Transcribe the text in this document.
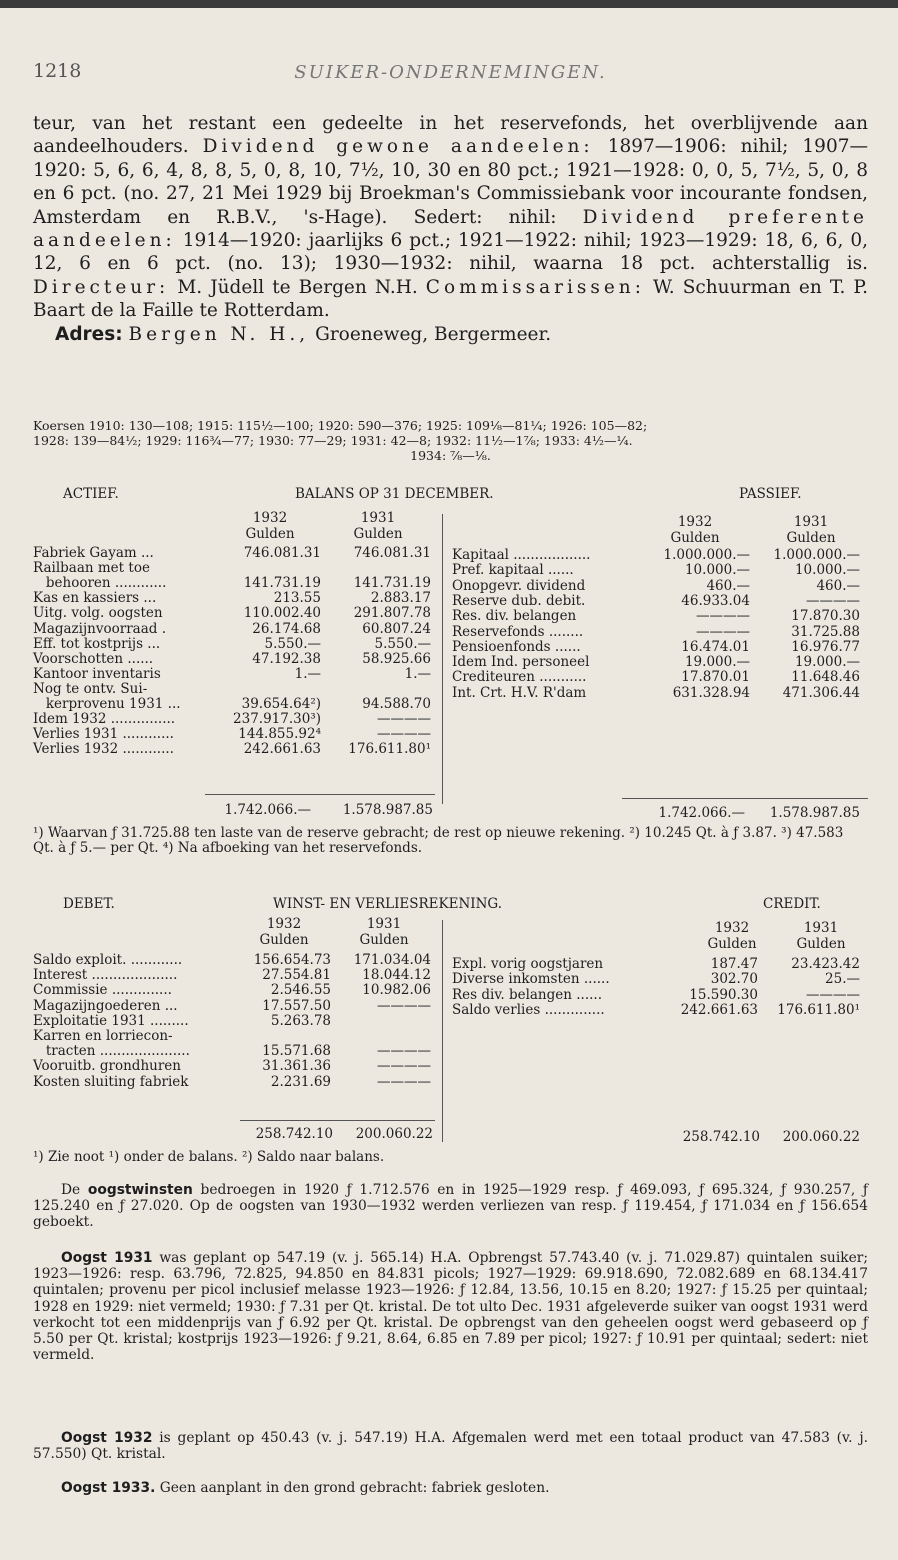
1218	SUIKER-ONDERNEMINGEN.

teur, van het restant een gedeelte in het reservefonds, het overblijvende aan aandeelhouders. Dividend gewone aandeelen: 1897—1906: nihil; 1907—1920: 5, 6, 6, 4, 8, 8, 5, 0, 8, 10, 7½, 10, 30 en 80 pct.; 1921—1928: 0, 0, 5, 7½, 5, 0, 8 en 6 pct. (no. 27, 21 Mei 1929 bij Broekman's Commissiebank voor incourante fondsen, Amsterdam en R.B.V., 's-Hage). Sedert: nihil: Dividend preferente aandeelen: 1914—1920: jaarlijks 6 pct.; 1921—1922: nihil; 1923—1929: 18, 6, 6, 0, 12, 6 en 6 pct. (no. 13); 1930—1932: nihil, waarna 18 pct. achterstallig is. Directeur: M. Jüdell te Bergen N.H. Commissarissen: W. Schuurman en T. P. Baart de la Faille te Rotterdam.
Adres: Bergen N. H., Groeneweg, Bergermeer.

Koersen 1910: 130—108; 1915: 115½—100; 1920: 590—376; 1925: 109⅛—81¼; 1926: 105—82;
1928: 139—84½; 1929: 116¾—77; 1930: 77—29; 1931: 42—8; 1932: 11½—1⅞; 1933: 4½—¼.
1934: ⅞—⅛.
ACTIEF.	BALANS OP 31 DECEMBER.	PASSIEF.
1932
Gulden
1931
Gulden
1932
Gulden
1931
Gulden
Fabriek Gayam ...	746.081.31 746.081.31
Railbaan met toe
behooren ............	141.731.19 141.731.19
Kas en kassiers ...	213.55	2.883.17
Uitg. volg. oogsten	110.002.40 291.807.78
Magazijnvoorraad .	26.174.68	60.807.24
Eff. tot kostprijs ...	5.550.—	5.550.—
Voorschotten ......	47.192.38	58.925.66
Kantoor inventaris	1.—	1.—
Nog te ontv. Sui-
kerprovenu 1931 ...	39.654.64²)	94.588.70
Idem 1932 ...............	237.917.30³)	————
Verlies 1931 ............	144.855.92⁴	————
Verlies 1932 ............	242.661.63 176.611.80¹
Kapitaal ..................	1.000.000.— 1.000.000.—
Pref. kapitaal ......	10.000.—	10.000.—
Onopgevr. dividend	460.—	460.—
Reserve dub. debit.	46.933.04	————
Res. div. belangen	————	17.870.30
Reservefonds ........	————	31.725.88
Pensioenfonds ......	16.474.01	16.976.77
Idem Ind. personeel	19.000.—	19.000.—
Crediteuren ...........	17.870.01	11.648.46
Int. Crt. H.V. R'dam	631.328.94 471.306.44
1.742.066.— 1.578.987.85	1.742.066.— 1.578.987.85
¹) Waarvan ƒ 31.725.88 ten laste van de reserve gebracht; de rest op nieuwe rekening. ²) 10.245 Qt. à ƒ 3.87. ³) 47.583 Qt. à ƒ 5.— per Qt. ⁴) Na afboeking van het reservefonds.
DEBET.	WINST- EN VERLIESREKENING.	CREDIT.
1932
Gulden
1931
Gulden
1932
Gulden
1931
Gulden
Saldo exploit. ............	156.654.73 171.034.04
Interest ....................	27.554.81 18.044.12
Commissie ..............	2.546.55 10.982.06
Magazijngoederen ...	17.557.50	————
Exploitatie 1931 .........	5.263.78
Karren en lorriecon-
tracten .....................	15.571.68	————
Vooruitb. grondhuren	31.361.36	————
Kosten sluiting fabriek	2.231.69	————
Expl. vorig oogstjaren	187.47 23.423.42
Diverse inkomsten ......	302.70	25.—
Res div. belangen ......	15.590.30	————
Saldo verlies ..............	242.661.63 176.611.80¹
258.742.10 200.060.22	258.742.10 200.060.22
¹) Zie noot ¹) onder de balans. ²) Saldo naar balans.

De oogstwinsten bedroegen in 1920 ƒ 1.712.576 en in 1925—1929 resp. ƒ 469.093, ƒ 695.324, ƒ 930.257, ƒ 125.240 en ƒ 27.020. Op de oogsten van 1930—1932 werden verliezen van resp. ƒ 119.454, ƒ 171.034 en ƒ 156.654 geboekt.

Oogst 1931 was geplant op 547.19 (v. j. 565.14) H.A. Opbrengst 57.743.40 (v. j. 71.029.87) quintalen suiker; 1923—1926: resp. 63.796, 72.825, 94.850 en 84.831 picols; 1927—1929: 69.918.690, 72.082.689 en 68.134.417 quintalen; provenu per picol inclusief melasse 1923—1926: ƒ 12.84, 13.56, 10.15 en 8.20; 1927: ƒ 15.25 per quintaal; 1928 en 1929: niet vermeld; 1930: ƒ 7.31 per Qt. kristal. De tot ulto Dec. 1931 afgeleverde suiker van oogst 1931 werd verkocht tot een middenprijs van ƒ 6.92 per Qt. kristal. De opbrengst van den geheelen oogst werd gebaseerd op ƒ 5.50 per Qt. kristal; kostprijs 1923—1926: ƒ 9.21, 8.64, 6.85 en 7.89 per picol; 1927: ƒ 10.91 per quintaal; sedert: niet vermeld.

Oogst 1932 is geplant op 450.43 (v. j. 547.19) H.A. Afgemalen werd met een totaal product van 47.583 (v. j. 57.550) Qt. kristal.

Oogst 1933. Geen aanplant in den grond gebracht: fabriek gesloten.
